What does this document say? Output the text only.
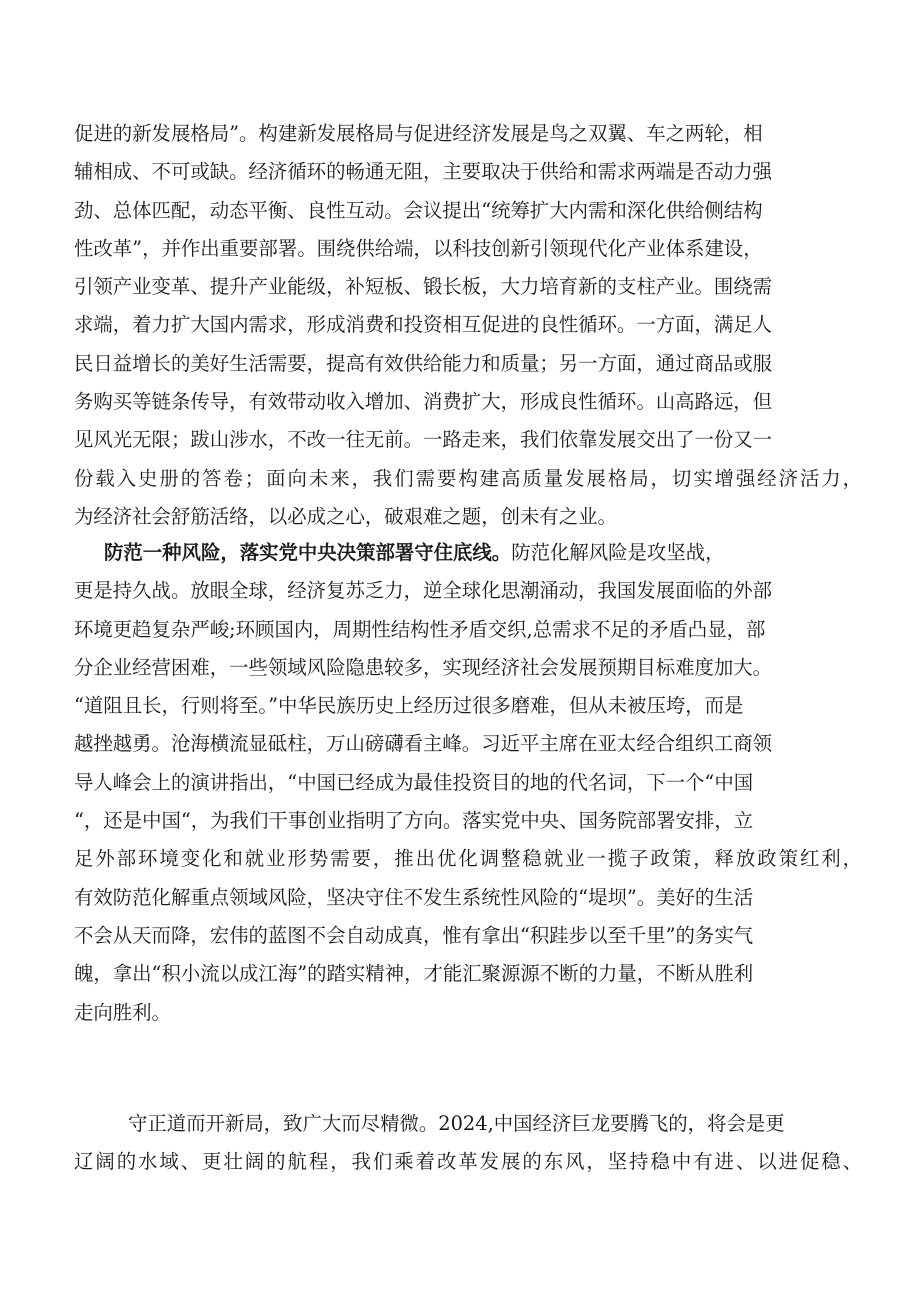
促进的新发展格局”。构建新发展格局与促进经济发展是鸟之双翼、车之两轮，相
辅相成、不可或缺。经济循环的畅通无阻，主要取决于供给和需求两端是否动力强
劲、总体匹配，动态平衡、良性互动。会议提出“统筹扩大内需和深化供给侧结构
性改革”，并作出重要部署。围绕供给端，以科技创新引领现代化产业体系建设，
引领产业变革、提升产业能级，补短板、锻长板，大力培育新的支柱产业。围绕需
求端，着力扩大国内需求，形成消费和投资相互促进的良性循环。一方面，满足人
民日益增长的美好生活需要，提高有效供给能力和质量；另一方面，通过商品或服
务购买等链条传导，有效带动收入增加、消费扩大，形成良性循环。山高路远，但
见风光无限；跋山涉水，不改一往无前。一路走来，我们依靠发展交出了一份又一
份载入史册的答卷；面向未来，我们需要构建高质量发展格局，切实增强经济活力，
为经济社会舒筋活络，以必成之心，破艰难之题，创未有之业。
防范一种风险，落实党中央决策部署守住底线。防范化解风险是攻坚战，
更是持久战。放眼全球，经济复苏乏力，逆全球化思潮涌动，我国发展面临的外部
环境更趋复杂严峻;环顾国内，周期性结构性矛盾交织,总需求不足的矛盾凸显，部
分企业经营困难，一些领域风险隐患较多，实现经济社会发展预期目标难度加大。
“道阻且长，行则将至。”中华民族历史上经历过很多磨难，但从未被压垮，而是
越挫越勇。沧海横流显砥柱，万山磅礴看主峰。习近平主席在亚太经合组织工商领
导人峰会上的演讲指出，“中国已经成为最佳投资目的地的代名词，下一个“中国
“，还是中国“，为我们干事创业指明了方向。落实党中央、国务院部署安排，立
足外部环境变化和就业形势需要，推出优化调整稳就业一揽子政策，释放政策红利，
有效防范化解重点领域风险，坚决守住不发生系统性风险的“堤坝”。美好的生活
不会从天而降，宏伟的蓝图不会自动成真，惟有拿出“积跬步以至千里”的务实气
魄，拿出“积小流以成江海”的踏实精神，才能汇聚源源不断的力量，不断从胜利
走向胜利。
守正道而开新局，致广大而尽精微。2024,中国经济巨龙要腾飞的，将会是更
辽阔的水域、更壮阔的航程，我们乘着改革发展的东风，坚持稳中有进、以进促稳、
